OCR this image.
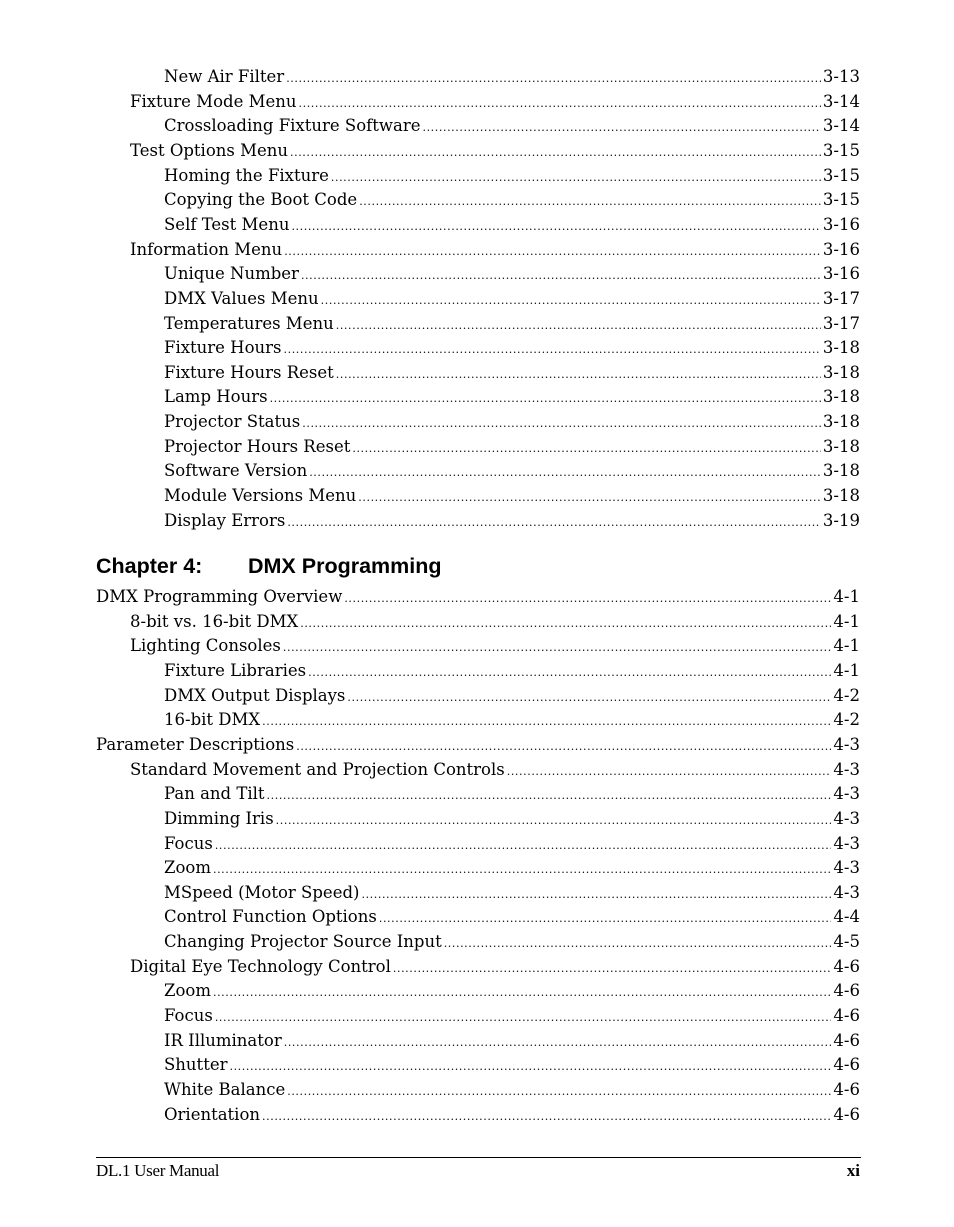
New Air Filter .....	3-13
Fixture Mode Menu .....	3-14
Crossloading Fixture Software .....	3-14
Test Options Menu .....	3-15
Homing the Fixture .....	3-15
Copying the Boot Code .....	3-15
Self Test Menu .....	3-16
Information Menu .....	3-16
Unique Number .....	3-16
DMX Values Menu .....	3-17
Temperatures Menu .....	3-17
Fixture Hours .....	3-18
Fixture Hours Reset .....	3-18
Lamp Hours .....	3-18
Projector Status .....	3-18
Projector Hours Reset .....	3-18
Software Version .....	3-18
Module Versions Menu .....	3-18
Display Errors .....	3-19
Chapter 4: DMX Programming
DMX Programming Overview .....	4-1
8-bit vs. 16-bit DMX .....	4-1
Lighting Consoles .....	4-1
Fixture Libraries .....	4-1
DMX Output Displays .....	4-2
16-bit DMX .....	4-2
Parameter Descriptions .....	4-3
Standard Movement and Projection Controls .....	4-3
Pan and Tilt .....	4-3
Dimming Iris .....	4-3
Focus .....	4-3
Zoom .....	4-3
MSpeed (Motor Speed) .....	4-3
Control Function Options .....	4-4
Changing Projector Source Input .....	4-5
Digital Eye Technology Control .....	4-6
Zoom .....	4-6
Focus .....	4-6
IR Illuminator .....	4-6
Shutter .....	4-6
White Balance .....	4-6
Orientation .....	4-6
DL.1 User Manual	xi
